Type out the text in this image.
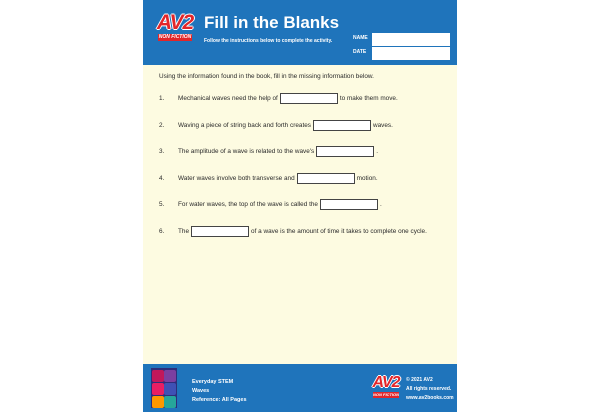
AV2
NON FICTION
Fill in the Blanks
Follow the instructions below to complete the activity.	NAME
DATE
Using the information found in the book, fill in the missing information below.
1.	Mechanical waves need the help of	to make them move.
2.	Waving a piece of string back and forth creates	waves.
3.	The amplitude of a wave is related to the wave's	.
4.	Water waves involve both transverse and	motion.
5.	For water waves, the top of the wave is called the	.
6.	The	of a wave is the amount of time it takes to complete one cycle.
Everyday STEM
Waves
Reference: All Pages
AV2
NON FICTION
© 2021 AV2
All rights reserved.
www.av2books.com
